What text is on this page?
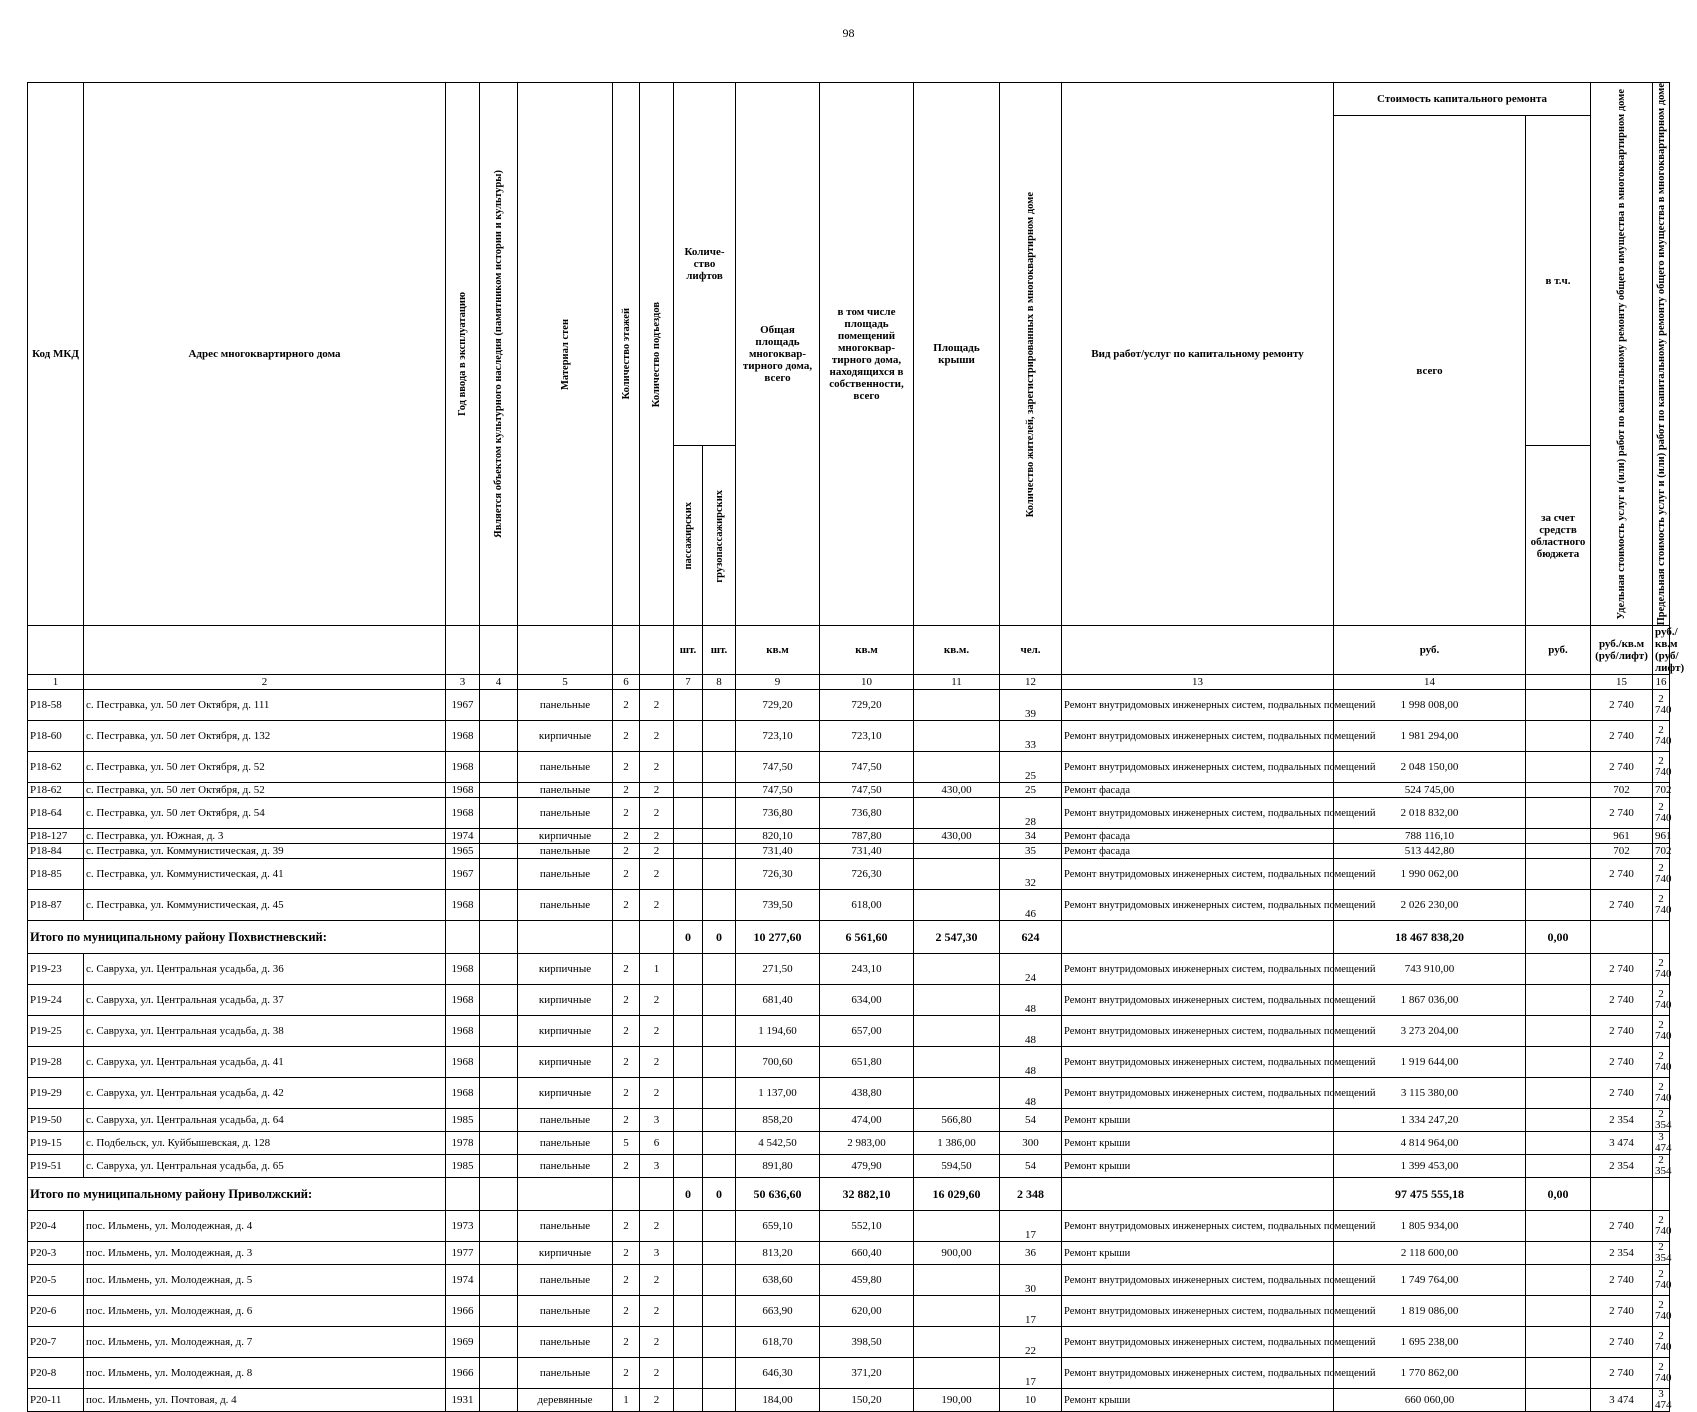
98
Код МКД	Адрес многоквартирного дома	Год ввода в эксплуатацию	Является объектом культурного наследия (памятником истории и культуры)	Материал стен	Количество этажей	Количество подъездов	Количе- ство лифтов		Общая площадь многоквар- тирного дома, всего	в том числе площадь помещений многоквар- тирного дома, находящихся в собственности, всего	Площадь крыши	Количество жителей, зарегистрированных в многоквартирном доме	Вид работ/услуг по капитальному ремонту	Стоимость капитального ремонта		Удельная стоимость услуг и (или) работ по капитальному ремонту общего имущества в многоквартирном доме	Предельная стоимость услуг и (или) работ по капитальному ремонту общего имущества в многоквартирном доме

														всего	в т.ч.		

							пассажирских	грузопассажирских							за счет средств областного бюджета		
							шт.	шт.	кв.м	кв.м	кв.м.	чел.		руб.	руб.	руб./кв.м (руб/лифт)	руб./кв.м (руб/лифт)
1	2	3	4	5	6		7	8	9	10	11	12	13	14		15	16
Р18-58	с. Пестравка, ул. 50 лет Октября, д. 111	1967		панельные	2	2			729,20	729,20		39	Ремонт внутридомовых инженерных систем, подвальных помещений	1 998 008,00		2 740	2 740
Р18-60	с. Пестравка, ул. 50 лет Октября, д. 132	1968		кирпичные	2	2			723,10	723,10		33	Ремонт внутридомовых инженерных систем, подвальных помещений	1 981 294,00		2 740	2 740
Р18-62	с. Пестравка, ул. 50 лет Октября, д. 52	1968		панельные	2	2			747,50	747,50		25	Ремонт внутридомовых инженерных систем, подвальных помещений	2 048 150,00		2 740	2 740
Р18-62	с. Пестравка, ул. 50 лет Октября, д. 52	1968		панельные	2	2			747,50	747,50	430,00	25	Ремонт фасада	524 745,00		702	702
Р18-64	с. Пестравка, ул. 50 лет Октября, д. 54	1968		панельные	2	2			736,80	736,80		28	Ремонт внутридомовых инженерных систем, подвальных помещений	2 018 832,00		2 740	2 740
Р18-127	с. Пестравка, ул. Южная, д. 3	1974		кирпичные	2	2			820,10	787,80	430,00	34	Ремонт фасада	788 116,10		961	961
Р18-84	с. Пестравка, ул. Коммунистическая, д. 39	1965		панельные	2	2			731,40	731,40		35	Ремонт фасада	513 442,80		702	702
Р18-85	с. Пестравка, ул. Коммунистическая, д. 41	1967		панельные	2	2			726,30	726,30		32	Ремонт внутридомовых инженерных систем, подвальных помещений	1 990 062,00		2 740	2 740
Р18-87	с. Пестравка, ул. Коммунистическая, д. 45	1968		панельные	2	2			739,50	618,00		46	Ремонт внутридомовых инженерных систем, подвальных помещений	2 026 230,00		2 740	2 740
Итого по муниципальному району Похвистневский:							0	0	10 277,60	6 561,60	2 547,30	624		18 467 838,20	0,00		
Р19-23	с. Савруха, ул. Центральная усадьба, д. 36	1968		кирпичные	2	1			271,50	243,10		24	Ремонт внутридомовых инженерных систем, подвальных помещений	743 910,00		2 740	2 740
Р19-24	с. Савруха, ул. Центральная усадьба, д. 37	1968		кирпичные	2	2			681,40	634,00		48	Ремонт внутридомовых инженерных систем, подвальных помещений	1 867 036,00		2 740	2 740
Р19-25	с. Савруха, ул. Центральная усадьба, д. 38	1968		кирпичные	2	2			1 194,60	657,00		48	Ремонт внутридомовых инженерных систем, подвальных помещений	3 273 204,00		2 740	2 740
Р19-28	с. Савруха, ул. Центральная усадьба, д. 41	1968		кирпичные	2	2			700,60	651,80		48	Ремонт внутридомовых инженерных систем, подвальных помещений	1 919 644,00		2 740	2 740
Р19-29	с. Савруха, ул. Центральная усадьба, д. 42	1968		кирпичные	2	2			1 137,00	438,80		48	Ремонт внутридомовых инженерных систем, подвальных помещений	3 115 380,00		2 740	2 740
Р19-50	с. Савруха, ул. Центральная усадьба, д. 64	1985		панельные	2	3			858,20	474,00	566,80	54	Ремонт крыши	1 334 247,20		2 354	2 354
Р19-15	с. Подбельск, ул. Куйбышевская, д. 128	1978		панельные	5	6			4 542,50	2 983,00	1 386,00	300	Ремонт крыши	4 814 964,00		3 474	3 474
Р19-51	с. Савруха, ул. Центральная усадьба, д. 65	1985		панельные	2	3			891,80	479,90	594,50	54	Ремонт крыши	1 399 453,00		2 354	2 354
Итого по муниципальному району Приволжский:							0	0	50 636,60	32 882,10	16 029,60	2 348		97 475 555,18	0,00		
Р20-4	пос. Ильмень, ул. Молодежная, д. 4	1973		панельные	2	2			659,10	552,10		17	Ремонт внутридомовых инженерных систем, подвальных помещений	1 805 934,00		2 740	2 740
Р20-3	пос. Ильмень, ул. Молодежная, д. 3	1977		кирпичные	2	3			813,20	660,40	900,00	36	Ремонт крыши	2 118 600,00		2 354	2 354
Р20-5	пос. Ильмень, ул. Молодежная, д. 5	1974		панельные	2	2			638,60	459,80		30	Ремонт внутридомовых инженерных систем, подвальных помещений	1 749 764,00		2 740	2 740
Р20-6	пос. Ильмень, ул. Молодежная, д. 6	1966		панельные	2	2			663,90	620,00		17	Ремонт внутридомовых инженерных систем, подвальных помещений	1 819 086,00		2 740	2 740
Р20-7	пос. Ильмень, ул. Молодежная, д. 7	1969		панельные	2	2			618,70	398,50		22	Ремонт внутридомовых инженерных систем, подвальных помещений	1 695 238,00		2 740	2 740
Р20-8	пос. Ильмень, ул. Молодежная, д. 8	1966		панельные	2	2			646,30	371,20		17	Ремонт внутридомовых инженерных систем, подвальных помещений	1 770 862,00		2 740	2 740
Р20-11	пос. Ильмень, ул. Почтовая, д. 4	1931		деревянные	1	2			184,00	150,20	190,00	10	Ремонт крыши	660 060,00		3 474	3 474
